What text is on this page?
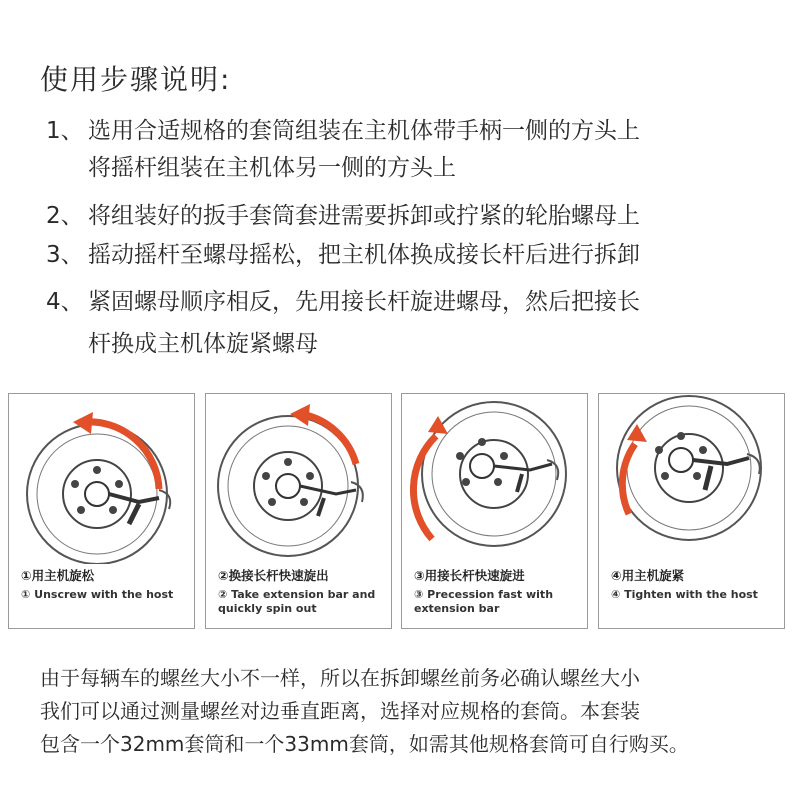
使用步骤说明:
1、 选用合适规格的套筒组装在主机体带手柄一侧的方头上
将摇杆组装在主机体另一侧的方头上
2、 将组装好的扳手套筒套进需要拆卸或拧紧的轮胎螺母上
3、 摇动摇杆至螺母摇松，把主机体换成接长杆后进行拆卸
4、 紧固螺母顺序相反，先用接长杆旋进螺母，然后把接长
杆换成主机体旋紧螺母
①用主机旋松
① Unscrew with the host
②换接长杆快速旋出
② Take extension bar and quickly spin out
③用接长杆快速旋进
③ Precession fast with extension bar
④用主机旋紧
④ Tighten with the host
由于每辆车的螺丝大小不一样，所以在拆卸螺丝前务必确认螺丝大小
我们可以通过测量螺丝对边垂直距离，选择对应规格的套筒。本套装
包含一个32mm套筒和一个33mm套筒，如需其他规格套筒可自行购买。
